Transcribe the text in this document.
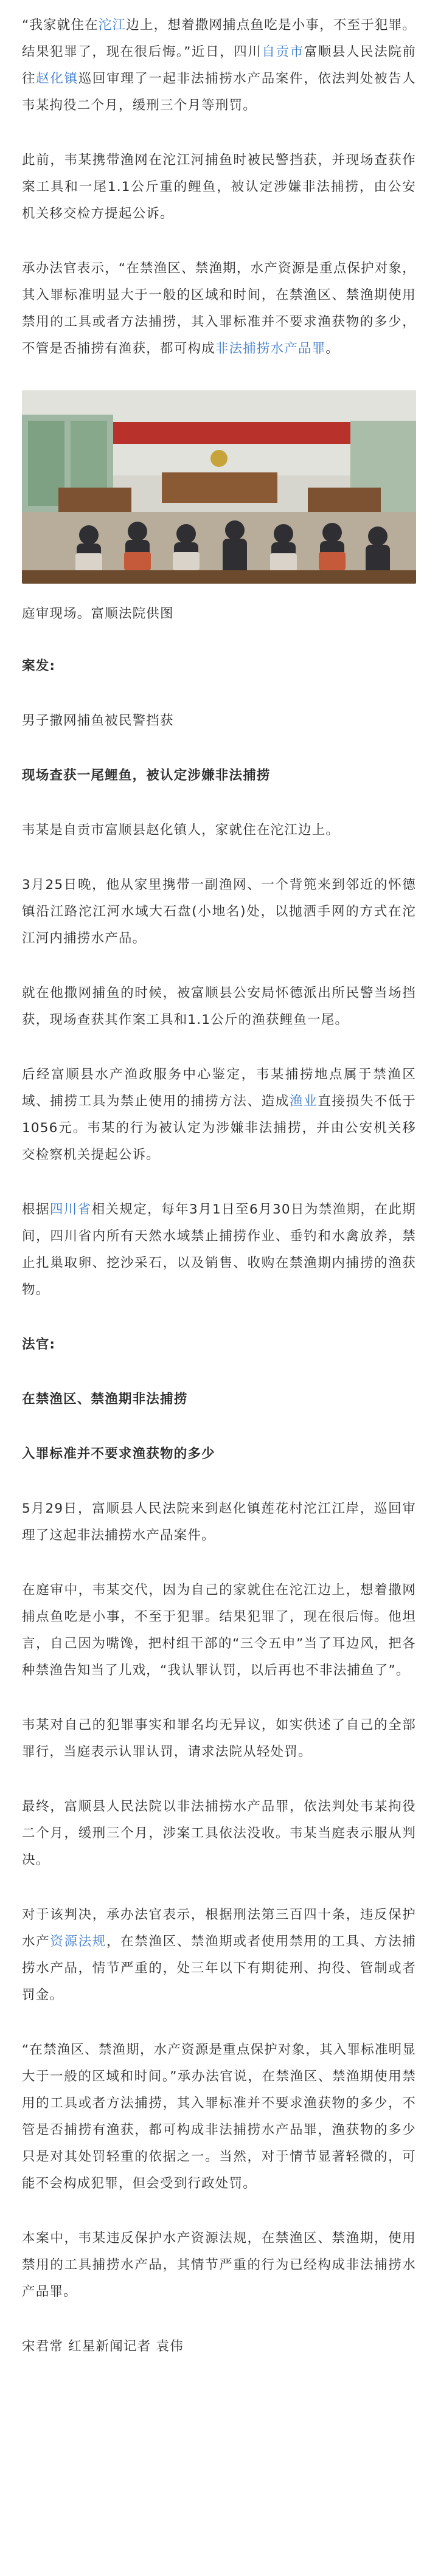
“我家就住在沱江边上，想着撒网捕点鱼吃是小事，不至于犯罪。结果犯罪了，现在很后悔。”近日，四川自贡市富顺县人民法院前往赵化镇巡回审理了一起非法捕捞水产品案件，依法判处被告人韦某拘役二个月，缓刑三个月等刑罚。

此前，韦某携带渔网在沱江河捕鱼时被民警挡获，并现场查获作案工具和一尾1.1公斤重的鲤鱼，被认定涉嫌非法捕捞，由公安机关移交检方提起公诉。

承办法官表示，“在禁渔区、禁渔期，水产资源是重点保护对象，其入罪标准明显大于一般的区域和时间，在禁渔区、禁渔期使用禁用的工具或者方法捕捞，其入罪标准并不要求渔获物的多少，不管是否捕捞有渔获，都可构成非法捕捞水产品罪。

庭审现场。富顺法院供图

案发:

男子撒网捕鱼被民警挡获

现场查获一尾鲤鱼，被认定涉嫌非法捕捞

韦某是自贡市富顺县赵化镇人，家就住在沱江边上。

3月25日晚，他从家里携带一副渔网、一个背篼来到邻近的怀德镇沿江路沱江河水域大石盘(小地名)处，以抛洒手网的方式在沱江河内捕捞水产品。

就在他撒网捕鱼的时候，被富顺县公安局怀德派出所民警当场挡获，现场查获其作案工具和1.1公斤的渔获鲤鱼一尾。

后经富顺县水产渔政服务中心鉴定，韦某捕捞地点属于禁渔区域、捕捞工具为禁止使用的捕捞方法、造成渔业直接损失不低于1056元。韦某的行为被认定为涉嫌非法捕捞，并由公安机关移交检察机关提起公诉。

根据四川省相关规定，每年3月1日至6月30日为禁渔期，在此期间，四川省内所有天然水域禁止捕捞作业、垂钓和水禽放养，禁止扎巢取卵、挖沙采石，以及销售、收购在禁渔期内捕捞的渔获物。

法官:

在禁渔区、禁渔期非法捕捞

入罪标准并不要求渔获物的多少

5月29日，富顺县人民法院来到赵化镇莲花村沱江江岸，巡回审理了这起非法捕捞水产品案件。

在庭审中，韦某交代，因为自己的家就住在沱江边上，想着撒网捕点鱼吃是小事，不至于犯罪。结果犯罪了，现在很后悔。他坦言，自己因为嘴馋，把村组干部的“三令五申”当了耳边风，把各种禁渔告知当了儿戏，“我认罪认罚，以后再也不非法捕鱼了”。

韦某对自己的犯罪事实和罪名均无异议，如实供述了自己的全部罪行，当庭表示认罪认罚，请求法院从轻处罚。

最终，富顺县人民法院以非法捕捞水产品罪，依法判处韦某拘役二个月，缓刑三个月，涉案工具依法没收。韦某当庭表示服从判决。

对于该判决，承办法官表示，根据刑法第三百四十条，违反保护水产资源法规，在禁渔区、禁渔期或者使用禁用的工具、方法捕捞水产品，情节严重的，处三年以下有期徒刑、拘役、管制或者罚金。

“在禁渔区、禁渔期，水产资源是重点保护对象，其入罪标准明显大于一般的区域和时间。”承办法官说，在禁渔区、禁渔期使用禁用的工具或者方法捕捞，其入罪标准并不要求渔获物的多少，不管是否捕捞有渔获，都可构成非法捕捞水产品罪，渔获物的多少只是对其处罚轻重的依据之一。当然，对于情节显著轻微的，可能不会构成犯罪，但会受到行政处罚。

本案中，韦某违反保护水产资源法规，在禁渔区、禁渔期，使用禁用的工具捕捞水产品，其情节严重的行为已经构成非法捕捞水产品罪。

宋君常 红星新闻记者 袁伟
